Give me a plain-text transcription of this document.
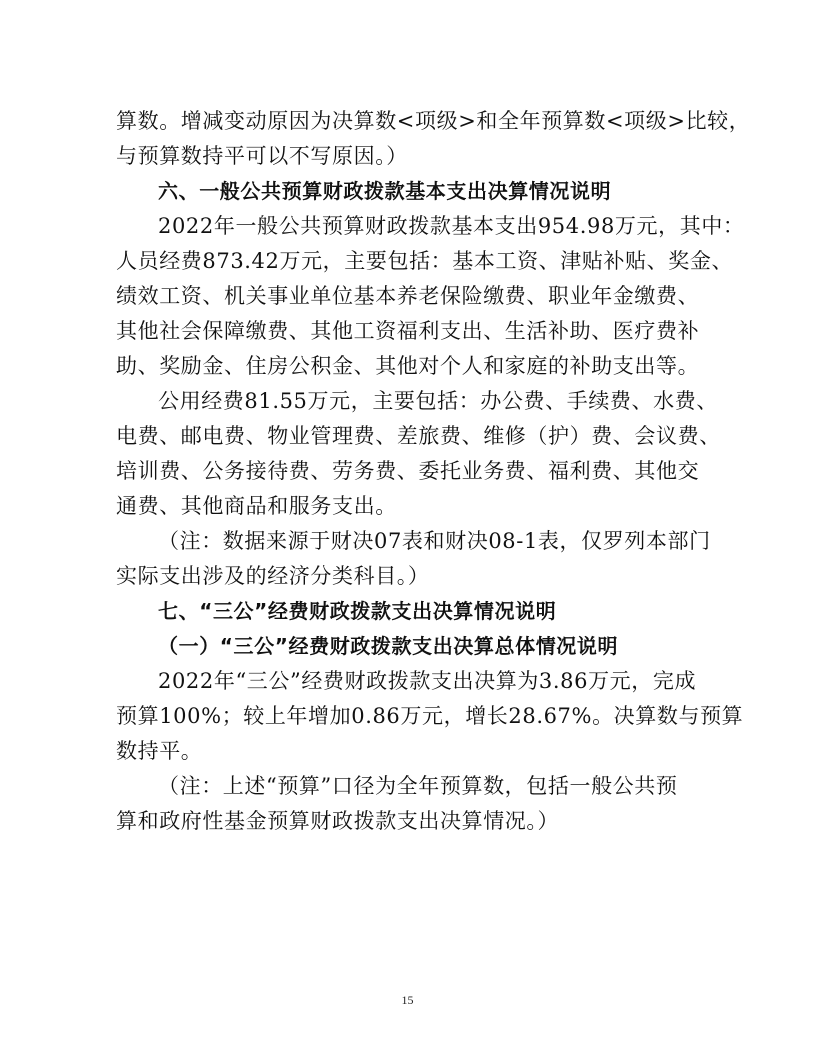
算数。增减变动原因为决算数<项级>和全年预算数<项级>比较，
与预算数持平可以不写原因。）
六、一般公共预算财政拨款基本支出决算情况说明
2022年一般公共预算财政拨款基本支出954.98万元，其中：
人员经费873.42万元，主要包括：基本工资、津贴补贴、奖金、
绩效工资、机关事业单位基本养老保险缴费、职业年金缴费、
其他社会保障缴费、其他工资福利支出、生活补助、医疗费补
助、奖励金、住房公积金、其他对个人和家庭的补助支出等。
公用经费81.55万元，主要包括：办公费、手续费、水费、
电费、邮电费、物业管理费、差旅费、维修（护）费、会议费、
培训费、公务接待费、劳务费、委托业务费、福利费、其他交
通费、其他商品和服务支出。
（注：数据来源于财决07表和财决08-1表，仅罗列本部门
实际支出涉及的经济分类科目。）
七、“三公”经费财政拨款支出决算情况说明
（一）“三公”经费财政拨款支出决算总体情况说明
2022年“三公”经费财政拨款支出决算为3.86万元，完成
预算100%；较上年增加0.86万元，增长28.67%。决算数与预算
数持平。
（注：上述“预算”口径为全年预算数，包括一般公共预
算和政府性基金预算财政拨款支出决算情况。）
15
